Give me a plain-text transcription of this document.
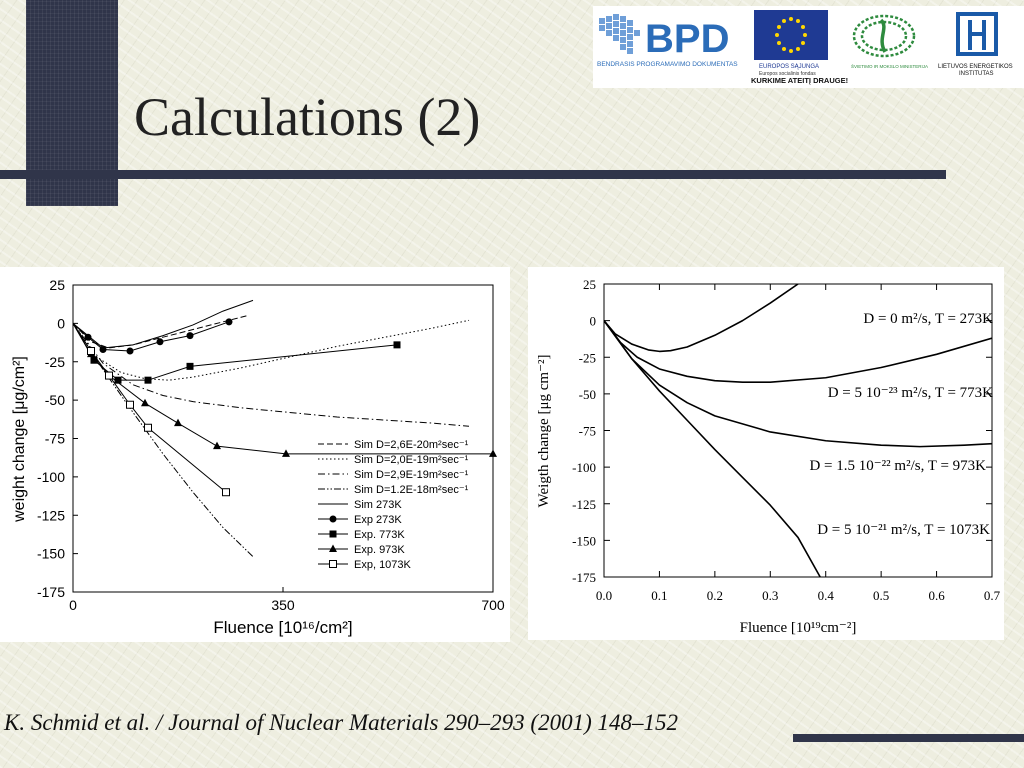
Calculations (2)
BPD
BENDRASIS PROGRAMAVIMO DOKUMENTAS	EUROPOS SĄJUNGA
Europos socialinis fondas
KURKIME ATEITĮ DRAUGE!
ŠVIETIMO IR MOKSLO MINISTERIJA LIETUVOS ENERGETIKOS
INSTITUTAS
25
0
-25
-50
-75
-100
-125
-150
-175
0	350	700
Sim D=2,6E-20m²sec⁻¹
Sim D=2,0E-19m²sec⁻¹
Sim D=2,9E-19m²sec⁻¹
Sim D=1.2E-18m²sec⁻¹
Sim 273K
Exp 273K
Exp. 773K
Exp. 973K
Exp, 1073K
Fluence [10¹⁶/cm²]
weight change [μg/cm²]
25
0
-25
-50
-75
-100
-125
-150
-175
0.0	0.1	0.2	0.3	0.4	0.5	0.6	0.7
D = 0 m²/s, T = 273K
D = 5 10⁻²³ m²/s, T = 773K
D = 1.5 10⁻²² m²/s, T = 973K
D = 5 10⁻²¹ m²/s, T = 1073K
Fluence [10¹⁹cm⁻²]
Weigth change [μg cm⁻²]
K. Schmid et al. / Journal of Nuclear Materials 290–293 (2001) 148–152
